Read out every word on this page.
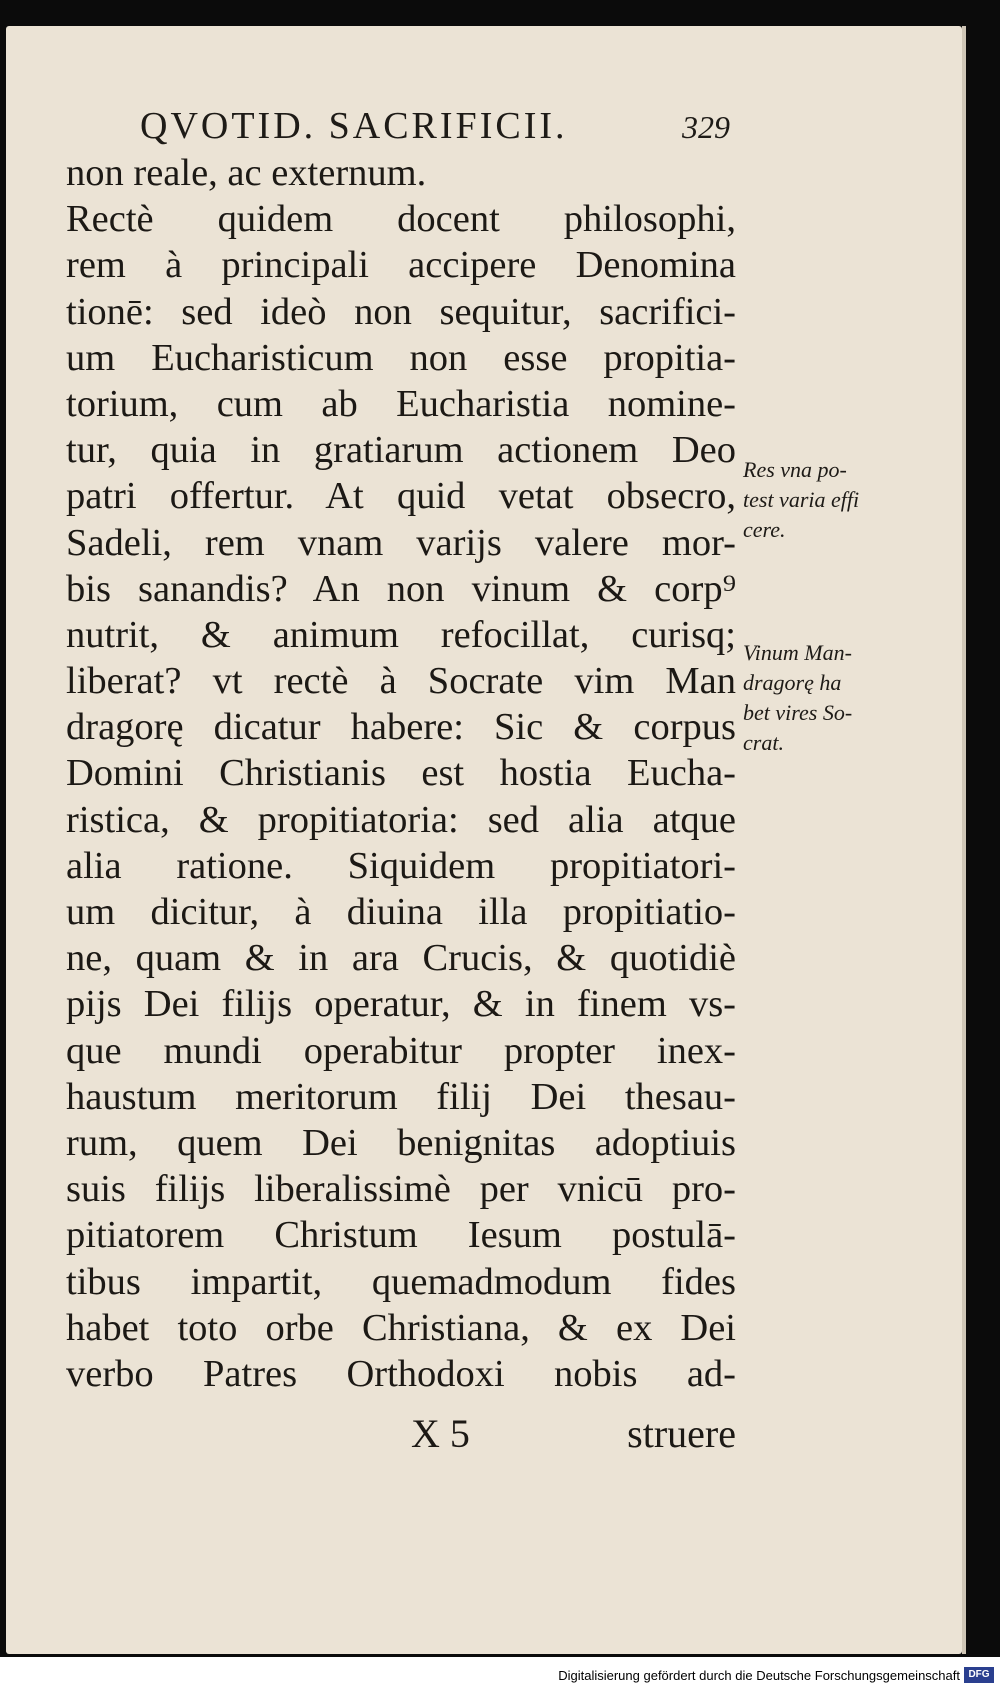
QVOTID. SACRIFICII.	329
non reale, ac externum.
Rectè quidem docent philosophi,
rem à principali accipere Denomina
tionē: sed ideò non sequitur, sacrifici-
um Eucharisticum non esse propitia-
torium, cum ab Eucharistia nomine-
tur, quia in gratiarum actionem Deo
patri offertur. At quid vetat obsecro,
Sadeli, rem vnam varijs valere mor-
bis sanandis? An non vinum & corp⁹
nutrit, & animum refocillat, curisq;
liberat? vt rectè à Socrate vim Man
dragorę dicatur habere: Sic & corpus
Domini Christianis est hostia Eucha-
ristica, & propitiatoria: sed alia atque
alia ratione. Siquidem propitiatori-
um dicitur, à diuina illa propitiatio-
ne, quam & in ara Crucis, & quotidiè
pijs Dei filijs operatur, & in finem vs-
que mundi operabitur propter inex-
haustum meritorum filij Dei thesau-
rum, quem Dei benignitas adoptiuis
suis filijs liberalissimè per vnicū pro-
pitiatorem Christum Iesum postulā-
tibus impartit, quemadmodum fides
habet toto orbe Christiana, & ex Dei
verbo Patres Orthodoxi nobis ad-
Res vna po-
test varia effi
cere.
Vinum Man-
dragorę ha
bet vires So-
crat.
X 5	struere
Digitalisierung gefördert durch die Deutsche Forschungsgemeinschaft DFG
